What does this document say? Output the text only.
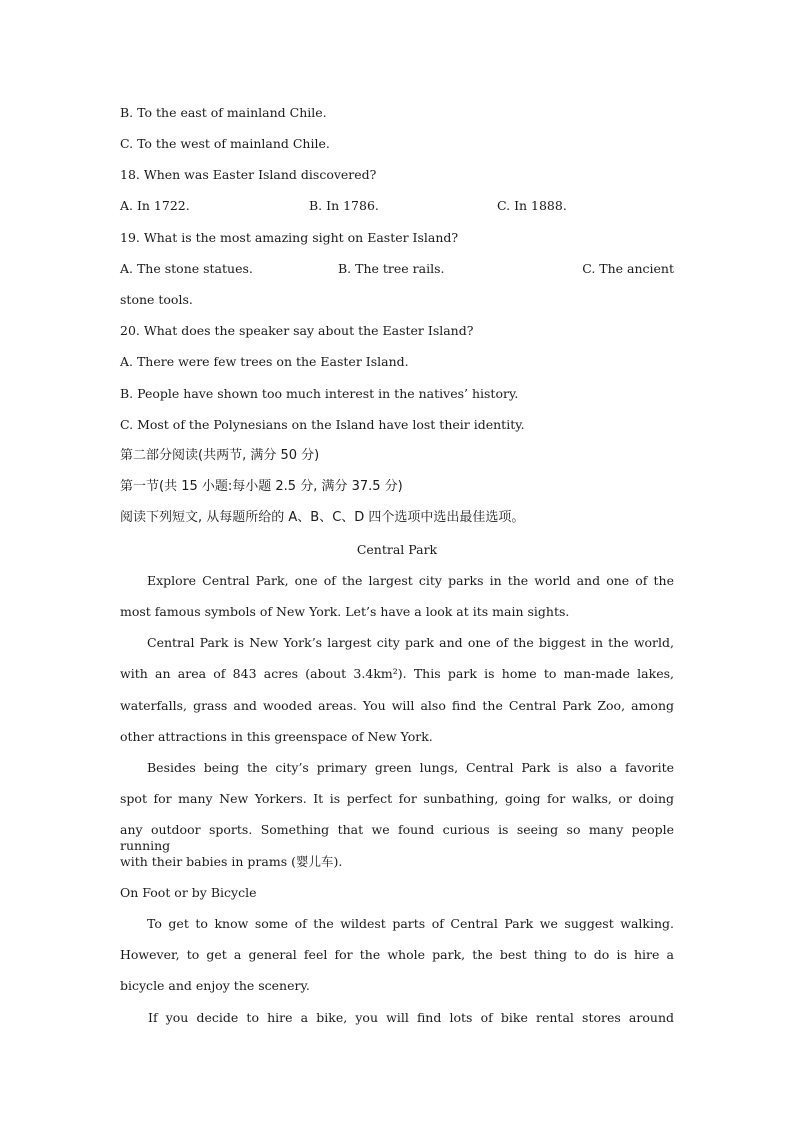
B. To the east of mainland Chile.
C. To the west of mainland Chile.
18. When was Easter Island discovered?
A. In 1722.	B. In 1786.	C. In 1888.
19. What is the most amazing sight on Easter Island?
A. The stone statues.	B. The tree rails.	C. The ancient
stone tools.
20. What does the speaker say about the Easter Island?
A. There were few trees on the Easter Island.
B. People have shown too much interest in the natives’ history.
C. Most of the Polynesians on the Island have lost their identity.
第二部分阅读(共两节, 满分 50 分)
第一节(共 15 小题:每小题 2.5 分, 满分 37.5 分)
阅读下列短文, 从每题所给的 A、B、C、D 四个选项中选出最佳选项。
Central Park
Explore Central Park, one of the largest city parks in the world and one of the
most famous symbols of New York. Let’s have a look at its main sights.
Central Park is New York’s largest city park and one of the biggest in the world,
with an area of 843 acres (about 3.4km²). This park is home to man-made lakes,
waterfalls, grass and wooded areas. You will also find the Central Park Zoo, among
other attractions in this greenspace of New York.
Besides being the city’s primary green lungs, Central Park is also a favorite
spot for many New Yorkers. It is perfect for sunbathing, going for walks, or doing
any outdoor sports. Something that we found curious is seeing so many people running
with their babies in prams (婴儿车).
On Foot or by Bicycle
To get to know some of the wildest parts of Central Park we suggest walking.
However, to get a general feel for the whole park, the best thing to do is hire a
bicycle and enjoy the scenery.
If you decide to hire a bike, you will find lots of bike rental stores around
